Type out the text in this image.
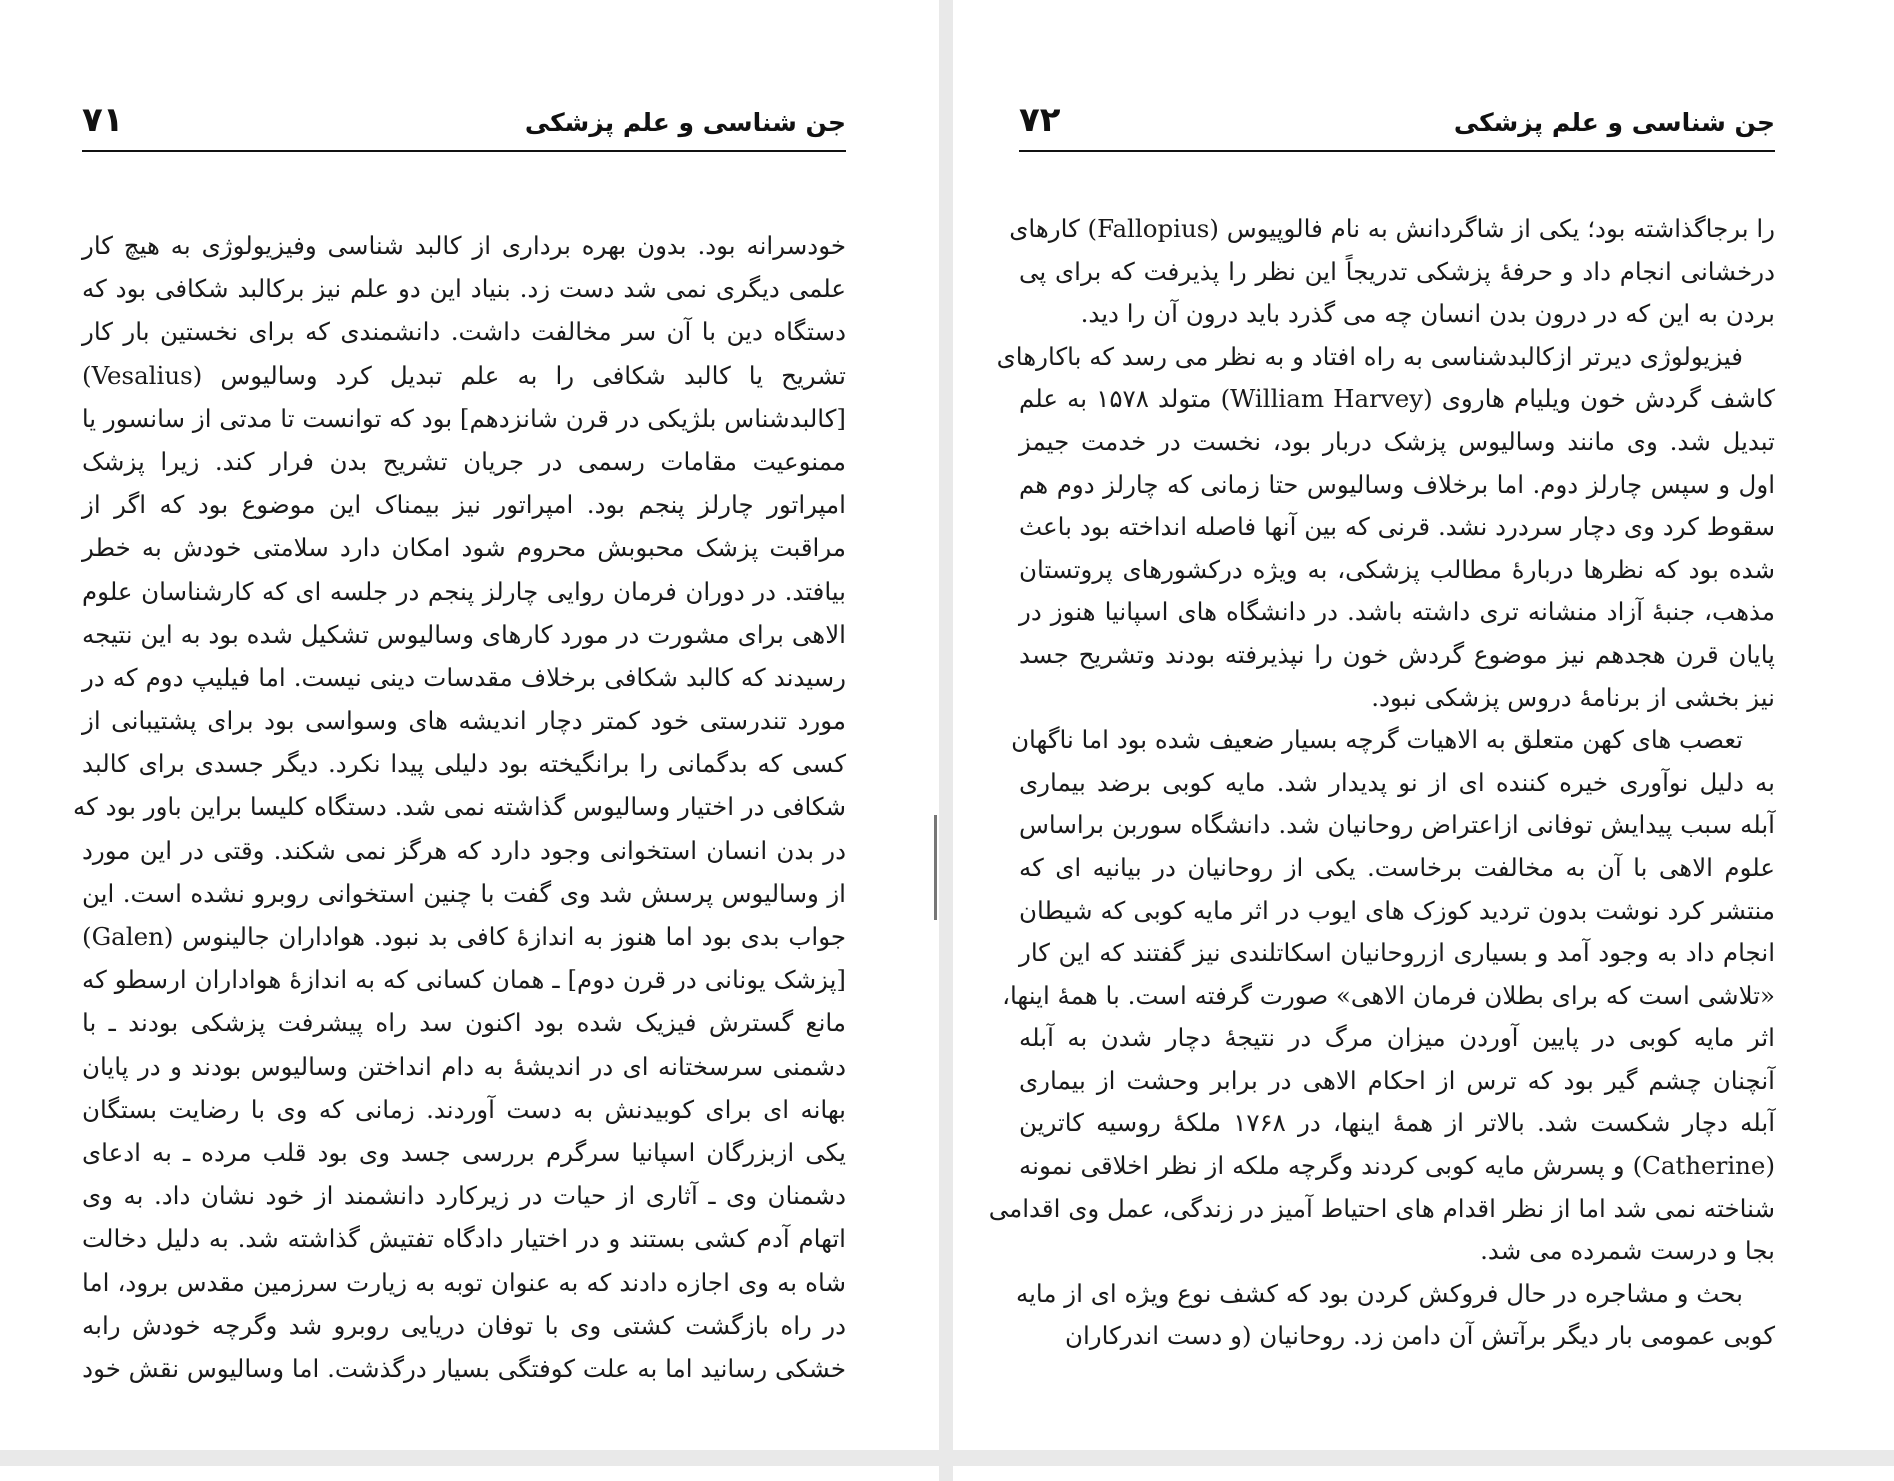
۷۱	جن شناسی و علم پزشکی
خودسرانه بود. بدون بهره برداری از کالبد شناسی وفیزیولوژی به هیچ کار
علمی دیگری نمی شد دست زد. بنیاد این دو علم نیز برکالبد شکافی بود که
دستگاه دین با آن سر مخالفت داشت. دانشمندی که برای نخستین بار کار
تشریح یا کالبد شکافی را به علم تبدیل کرد وسالیوس (Vesalius)
[کالبدشناس بلژیکی در قرن شانزدهم] بود که توانست تا مدتی از سانسور یا
ممنوعیت مقامات رسمی در جریان تشریح بدن فرار کند. زیرا پزشک
امپراتور چارلز پنجم بود. امپراتور نیز بیمناک این موضوع بود که اگر از
مراقبت پزشک محبوبش محروم شود امکان دارد سلامتی خودش به خطر
بیافتد. در دوران فرمان روایی چارلز پنجم در جلسه ای که کارشناسان علوم
الاهی برای مشورت در مورد کارهای وسالیوس تشکیل شده بود به این نتیجه
رسیدند که کالبد شکافی برخلاف مقدسات دینی نیست. اما فیلیپ دوم که در
مورد تندرستی خود کمتر دچار اندیشه های وسواسی بود برای پشتیبانی از
کسی که بدگمانی را برانگیخته بود دلیلی پیدا نکرد. دیگر جسدی برای کالبد
شکافی در اختیار وسالیوس گذاشته نمی شد. دستگاه کلیسا براین باور بود که
در بدن انسان استخوانی وجود دارد که هرگز نمی شکند. وقتی در این مورد
از وسالیوس پرسش شد وی گفت با چنین استخوانی روبرو نشده است. این
جواب بدی بود اما هنوز به اندازهٔ کافی بد نبود. هواداران جالینوس (Galen)
[پزشک یونانی در قرن دوم] ـ همان کسانی که به اندازهٔ هواداران ارسطو که
مانع گسترش فیزیک شده بود اکنون سد راه پیشرفت پزشکی بودند ـ با
دشمنی سرسختانه ای در اندیشهٔ به دام انداختن وسالیوس بودند و در پایان
بهانه ای برای کوبیدنش به دست آوردند. زمانی که وی با رضایت بستگان
یکی ازبزرگان اسپانیا سرگرم بررسی جسد وی بود قلب مرده ـ به ادعای
دشمنان وی ـ آثاری از حیات در زیرکارد دانشمند از خود نشان داد. به وی
اتهام آدم کشی بستند و در اختیار دادگاه تفتیش گذاشته شد. به دلیل دخالت
شاه به وی اجازه دادند که به عنوان توبه به زیارت سرزمین مقدس برود، اما
در راه بازگشت کشتی وی با توفان دریایی روبرو شد وگرچه خودش رابه
خشکی رسانید اما به علت کوفتگی بسیار درگذشت. اما وسالیوس نقش خود
۷۲	جن شناسی و علم پزشکی
را برجاگذاشته بود؛ یکی از شاگردانش به نام فالوپیوس (Fallopius) کارهای
درخشانی انجام داد و حرفهٔ پزشکی تدریجاً این نظر را پذیرفت که برای پی
بردن به این که در درون بدن انسان چه می گذرد باید درون آن را دید.
فیزیولوژی دیرتر ازکالبدشناسی به راه افتاد و به نظر می رسد که باکارهای
کاشف گردش خون ویلیام هاروی (William Harvey) متولد ۱۵۷۸ به علم
تبدیل شد. وی مانند وسالیوس پزشک دربار بود، نخست در خدمت جیمز
اول و سپس چارلز دوم. اما برخلاف وسالیوس حتا زمانی که چارلز دوم هم
سقوط کرد وی دچار سردرد نشد. قرنی که بین آنها فاصله انداخته بود باعث
شده بود که نظرها دربارهٔ مطالب پزشکی، به ویژه درکشورهای پروتستان
مذهب، جنبهٔ آزاد منشانه تری داشته باشد. در دانشگاه های اسپانیا هنوز در
پایان قرن هجدهم نیز موضوع گردش خون را نپذیرفته بودند وتشریح جسد
نیز بخشی از برنامهٔ دروس پزشکی نبود.
تعصب های کهن متعلق به الاهیات گرچه بسیار ضعیف شده بود اما ناگهان
به دلیل نوآوری خیره کننده ای از نو پدیدار شد. مایه کوبی برضد بیماری
آبله سبب پیدایش توفانی ازاعتراض روحانیان شد. دانشگاه سوربن براساس
علوم الاهی با آن به مخالفت برخاست. یکی از روحانیان در بیانیه ای که
منتشر کرد نوشت بدون تردید کوزک های ایوب در اثر مایه کوبی که شیطان
انجام داد به وجود آمد و بسیاری ازروحانیان اسکاتلندی نیز گفتند که این کار
«تلاشی است که برای بطلان فرمان الاهی» صورت گرفته است. با همهٔ اینها،
اثر مایه کوبی در پایین آوردن میزان مرگ در نتیجهٔ دچار شدن به آبله
آنچنان چشم گیر بود که ترس از احکام الاهی در برابر وحشت از بیماری
آبله دچار شکست شد. بالاتر از همهٔ اینها، در ۱۷۶۸ ملکهٔ روسیه کاترین
(Catherine) و پسرش مایه کوبی کردند وگرچه ملکه از نظر اخلاقی نمونه
شناخته نمی شد اما از نظر اقدام های احتیاط آمیز در زندگی، عمل وی اقدامی
بجا و درست شمرده می شد.
بحث و مشاجره در حال فروکش کردن بود که کشف نوع ویژه ای از مایه
کوبی عمومی بار دیگر برآتش آن دامن زد. روحانیان (و دست اندرکاران
